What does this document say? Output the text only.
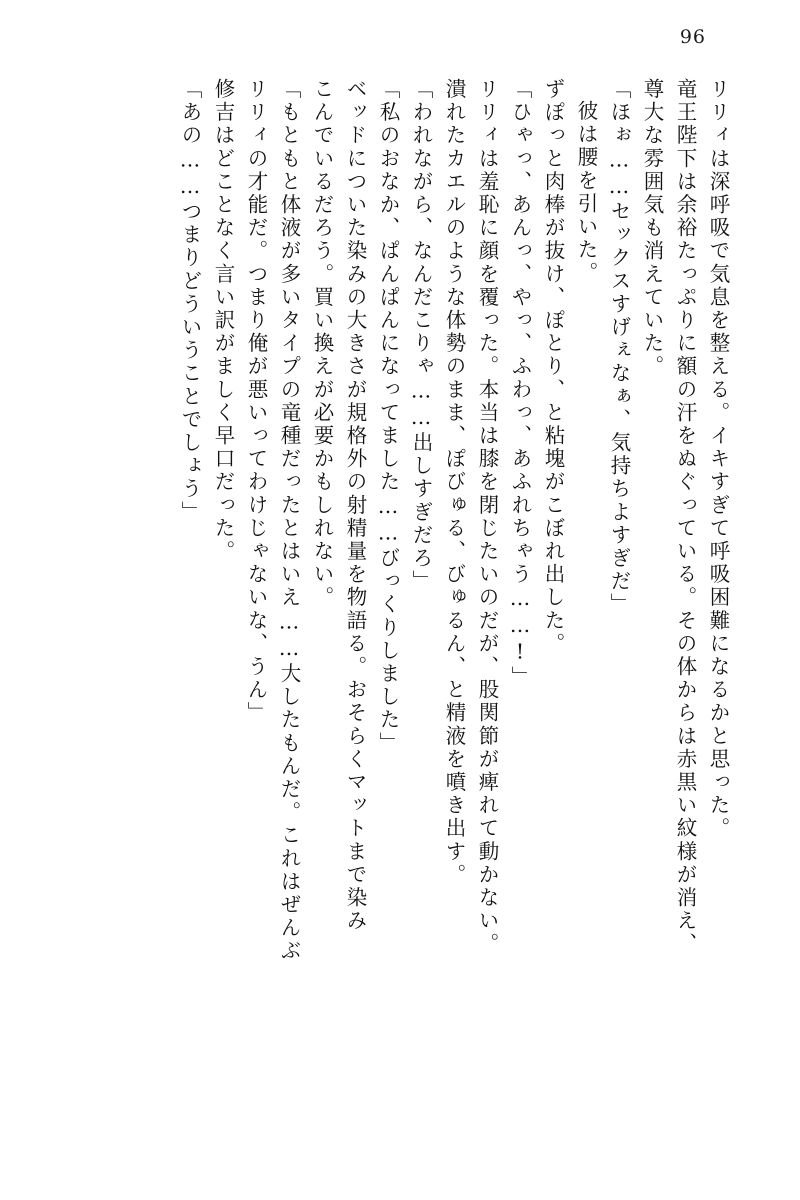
96
リリィは深呼吸で気息を整える。イキすぎて呼吸困難になるかと思った。
竜王陛下は余裕たっぷりに額の汗をぬぐっている。その体からは赤黒い紋様が消え、
尊大な雰囲気も消えていた。
「ほぉ……セックスすげぇなぁ、気持ちよすぎだ」
彼は腰を引いた。
ずぽっと肉棒が抜け、ぽとり、と粘塊がこぼれ出した。
「ひゃっ、あんっ、やっ、ふわっ、あふれちゃう……!」
リリィは羞恥に顔を覆った。本当は膝を閉じたいのだが、股関節が痺れて動かない。
潰れたカエルのような体勢のまま、ぽびゅる、びゅるん、と精液を噴き出す。
「われながら、なんだこりゃ……出しすぎだろ」
「私のおなか、ぱんぱんになってました……びっくりしました」
ベッドについた染みの大きさが規格外の射精量を物語る。おそらくマットまで染み
こんでいるだろう。買い換えが必要かもしれない。
「もともと体液が多いタイプの竜種だったとはいえ……大したもんだ。これはぜんぶ
リリィの才能だ。つまり俺が悪いってわけじゃないな、うん」
修吉はどことなく言い訳がましく早口だった。
「あの……つまりどういうことでしょう」
